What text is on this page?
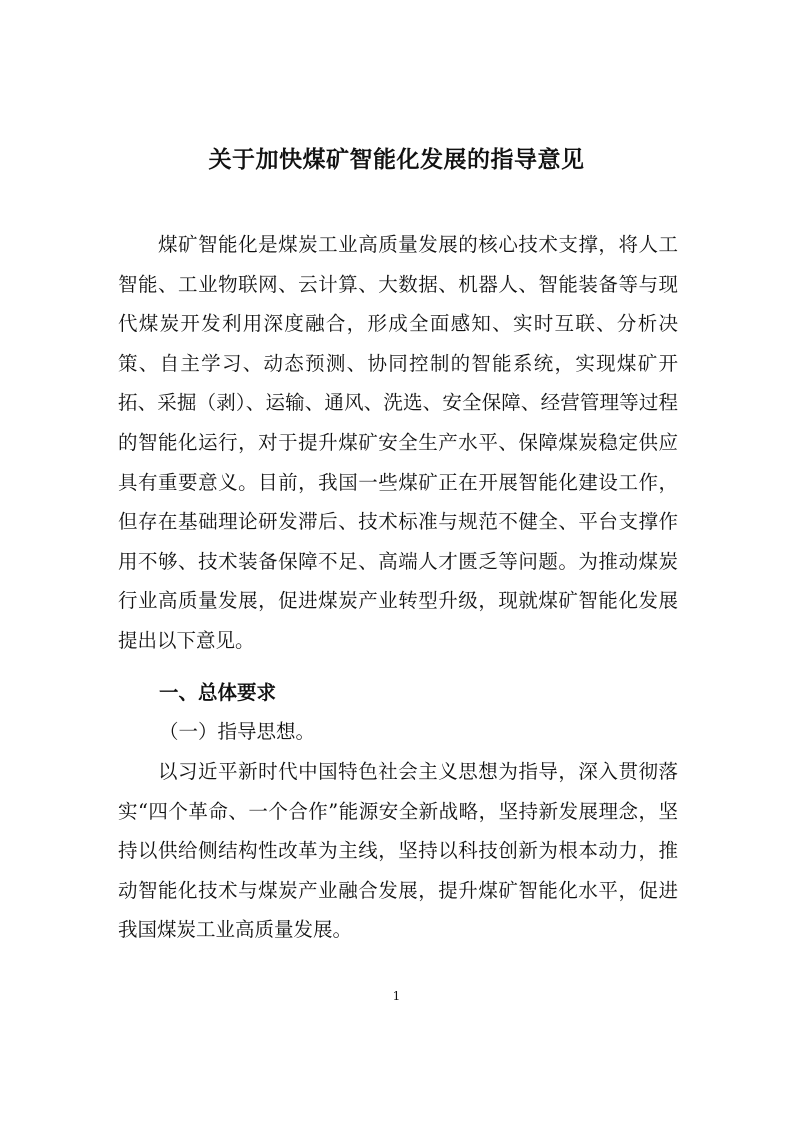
关于加快煤矿智能化发展的指导意见

煤矿智能化是煤炭工业高质量发展的核心技术支撑，将人工智能、工业物联网、云计算、大数据、机器人、智能装备等与现代煤炭开发利用深度融合，形成全面感知、实时互联、分析决策、自主学习、动态预测、协同控制的智能系统，实现煤矿开拓、采掘（剥）、运输、通风、洗选、安全保障、经营管理等过程的智能化运行，对于提升煤矿安全生产水平、保障煤炭稳定供应具有重要意义。目前，我国一些煤矿正在开展智能化建设工作，但存在基础理论研发滞后、技术标准与规范不健全、平台支撑作用不够、技术装备保障不足、高端人才匮乏等问题。为推动煤炭行业高质量发展，促进煤炭产业转型升级，现就煤矿智能化发展提出以下意见。

一、总体要求
（一）指导思想。

以习近平新时代中国特色社会主义思想为指导，深入贯彻落实“四个革命、一个合作”能源安全新战略，坚持新发展理念，坚持以供给侧结构性改革为主线，坚持以科技创新为根本动力，推动智能化技术与煤炭产业融合发展，提升煤矿智能化水平，促进我国煤炭工业高质量发展。

1
